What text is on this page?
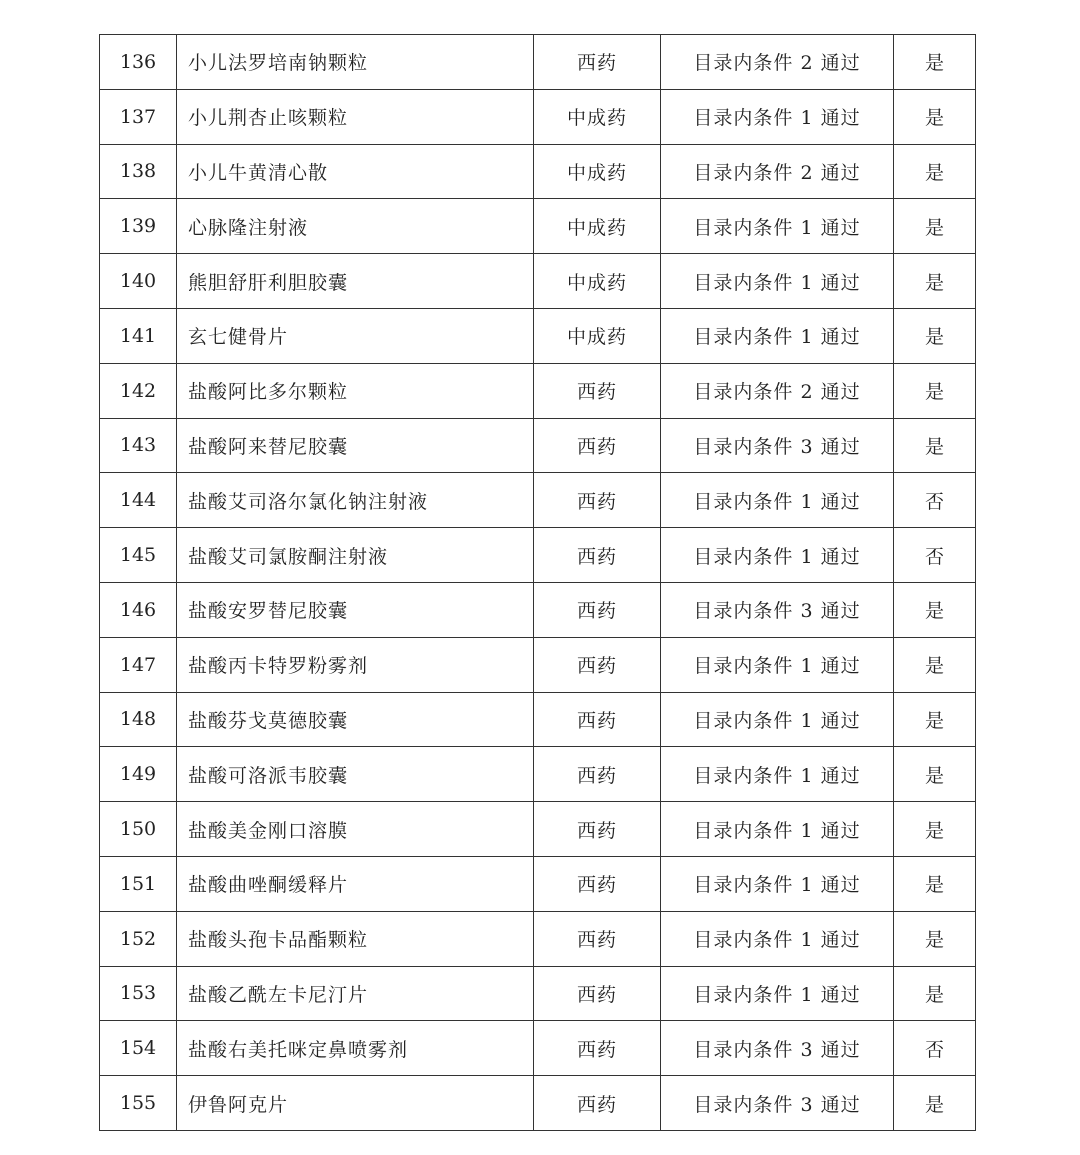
136	小儿法罗培南钠颗粒	西药	目录内条件 2 通过	是
137	小儿荆杏止咳颗粒	中成药	目录内条件 1 通过	是
138	小儿牛黄清心散	中成药	目录内条件 2 通过	是
139	心脉隆注射液	中成药	目录内条件 1 通过	是
140	熊胆舒肝利胆胶囊	中成药	目录内条件 1 通过	是
141	玄七健骨片	中成药	目录内条件 1 通过	是
142	盐酸阿比多尔颗粒	西药	目录内条件 2 通过	是
143	盐酸阿来替尼胶囊	西药	目录内条件 3 通过	是
144	盐酸艾司洛尔氯化钠注射液	西药	目录内条件 1 通过	否
145	盐酸艾司氯胺酮注射液	西药	目录内条件 1 通过	否
146	盐酸安罗替尼胶囊	西药	目录内条件 3 通过	是
147	盐酸丙卡特罗粉雾剂	西药	目录内条件 1 通过	是
148	盐酸芬戈莫德胶囊	西药	目录内条件 1 通过	是
149	盐酸可洛派韦胶囊	西药	目录内条件 1 通过	是
150	盐酸美金刚口溶膜	西药	目录内条件 1 通过	是
151	盐酸曲唑酮缓释片	西药	目录内条件 1 通过	是
152	盐酸头孢卡品酯颗粒	西药	目录内条件 1 通过	是
153	盐酸乙酰左卡尼汀片	西药	目录内条件 1 通过	是
154	盐酸右美托咪定鼻喷雾剂	西药	目录内条件 3 通过	否
155	伊鲁阿克片	西药	目录内条件 3 通过	是
